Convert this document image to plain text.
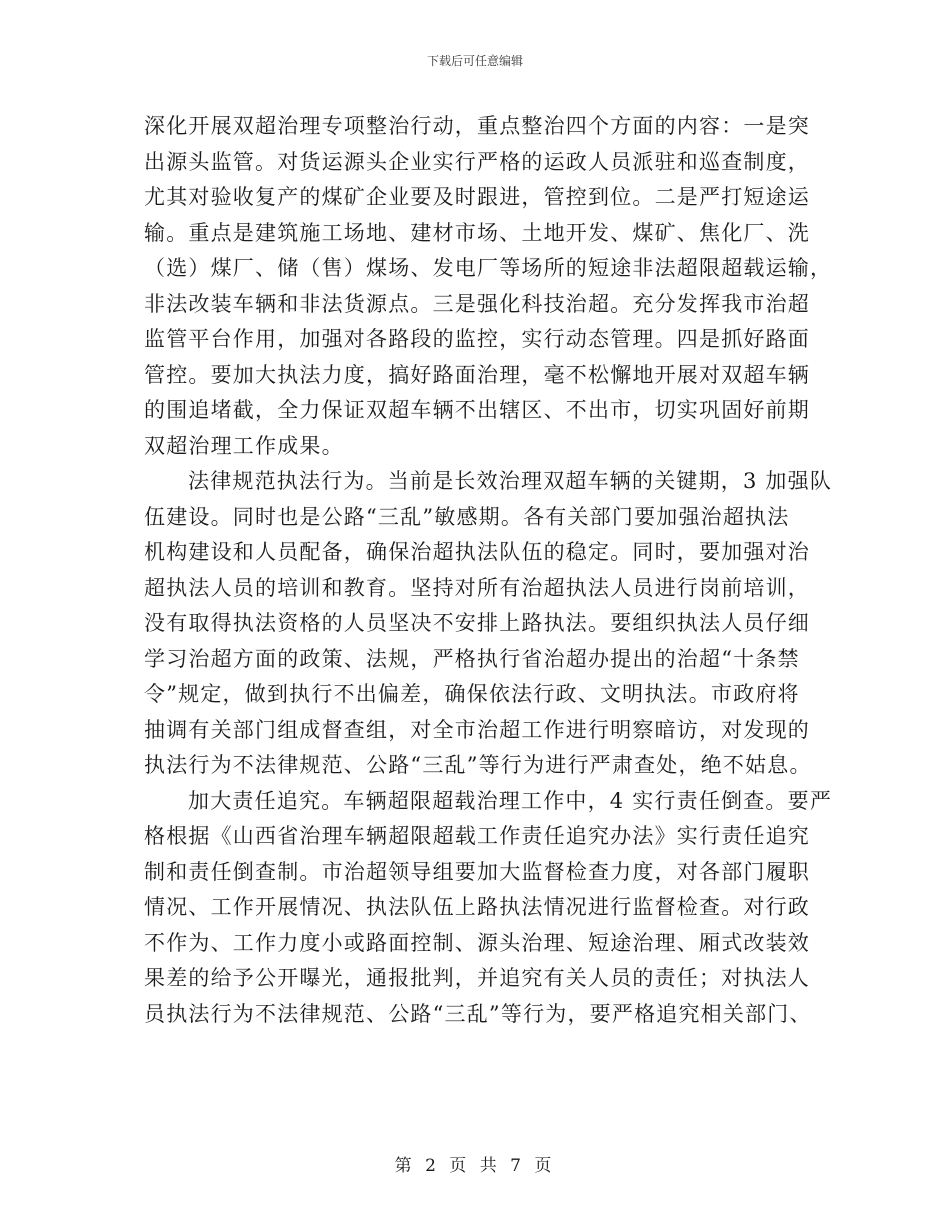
下载后可任意编辑

深化开展双超治理专项整治行动，重点整治四个方面的内容：一是突
出源头监管。对货运源头企业实行严格的运政人员派驻和巡查制度，
尤其对验收复产的煤矿企业要及时跟进，管控到位。二是严打短途运
输。重点是建筑施工场地、建材市场、土地开发、煤矿、焦化厂、洗
（选）煤厂、储（售）煤场、发电厂等场所的短途非法超限超载运输，
非法改装车辆和非法货源点。三是强化科技治超。充分发挥我市治超
监管平台作用，加强对各路段的监控，实行动态管理。四是抓好路面
管控。要加大执法力度，搞好路面治理，毫不松懈地开展对双超车辆
的围追堵截，全力保证双超车辆不出辖区、不出市，切实巩固好前期
双超治理工作成果。

法律规范执法行为。当前是长效治理双超车辆的关键期，3 加强队
伍建设。同时也是公路“三乱”敏感期。各有关部门要加强治超执法
机构建设和人员配备，确保治超执法队伍的稳定。同时，要加强对治
超执法人员的培训和教育。坚持对所有治超执法人员进行岗前培训，
没有取得执法资格的人员坚决不安排上路执法。要组织执法人员仔细
学习治超方面的政策、法规，严格执行省治超办提出的治超“十条禁
令”规定，做到执行不出偏差，确保依法行政、文明执法。市政府将
抽调有关部门组成督查组，对全市治超工作进行明察暗访，对发现的
执法行为不法律规范、公路“三乱”等行为进行严肃查处，绝不姑息。

加大责任追究。车辆超限超载治理工作中，4 实行责任倒查。要严
格根据《山西省治理车辆超限超载工作责任追究办法》实行责任追究
制和责任倒查制。市治超领导组要加大监督检查力度，对各部门履职
情况、工作开展情况、执法队伍上路执法情况进行监督检查。对行政
不作为、工作力度小或路面控制、源头治理、短途治理、厢式改装效
果差的给予公开曝光，通报批判，并追究有关人员的责任；对执法人
员执法行为不法律规范、公路“三乱”等行为，要严格追究相关部门、

第 2 页 共 7 页
